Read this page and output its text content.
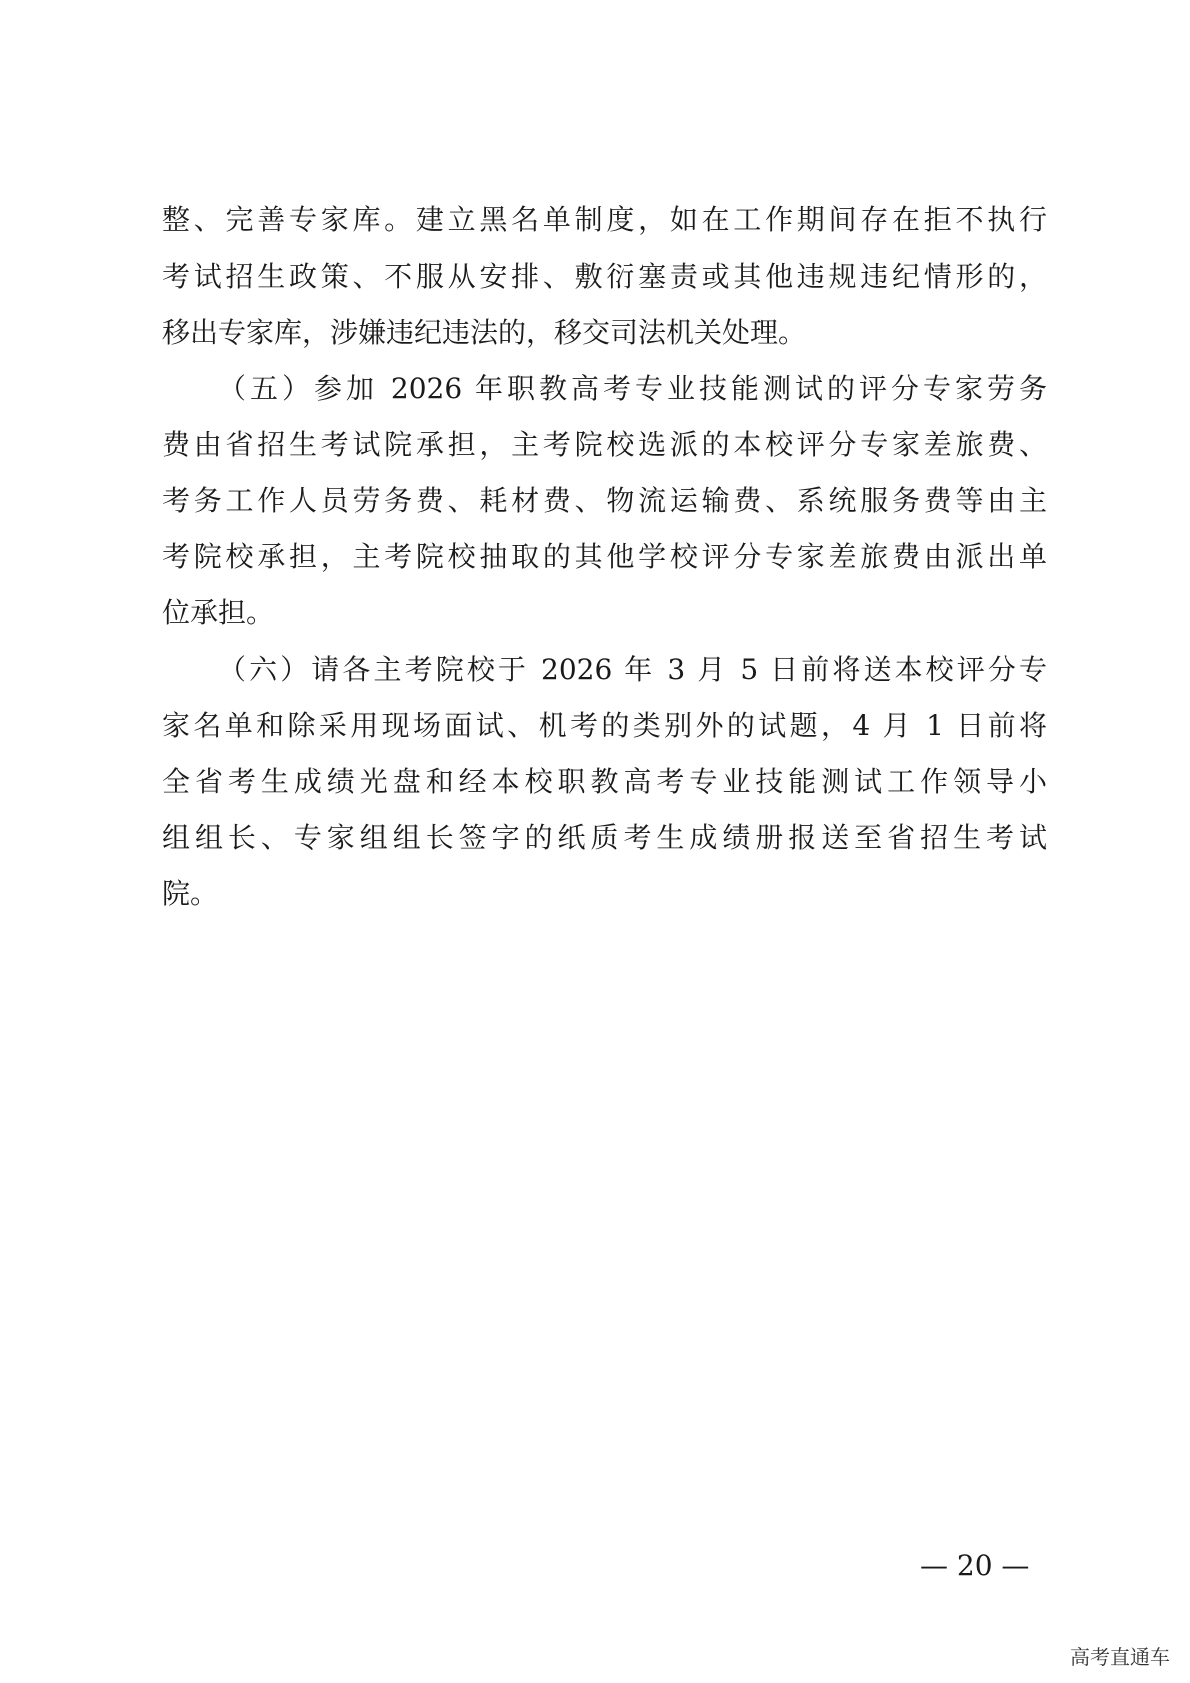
整、完善专家库。建立黑名单制度，如在工作期间存在拒不执行
考试招生政策、不服从安排、敷衍塞责或其他违规违纪情形的，
移出专家库，涉嫌违纪违法的，移交司法机关处理。
（五）参加 2026 年职教高考专业技能测试的评分专家劳务
费由省招生考试院承担，主考院校选派的本校评分专家差旅费、
考务工作人员劳务费、耗材费、物流运输费、系统服务费等由主
考院校承担，主考院校抽取的其他学校评分专家差旅费由派出单
位承担。
（六）请各主考院校于 2026 年 3 月 5 日前将送本校评分专
家名单和除采用现场面试、机考的类别外的试题，4 月 1 日前将
全省考生成绩光盘和经本校职教高考专业技能测试工作领导小
组组长、专家组组长签字的纸质考生成绩册报送至省招生考试
院。
— 20 —
高考直通车
